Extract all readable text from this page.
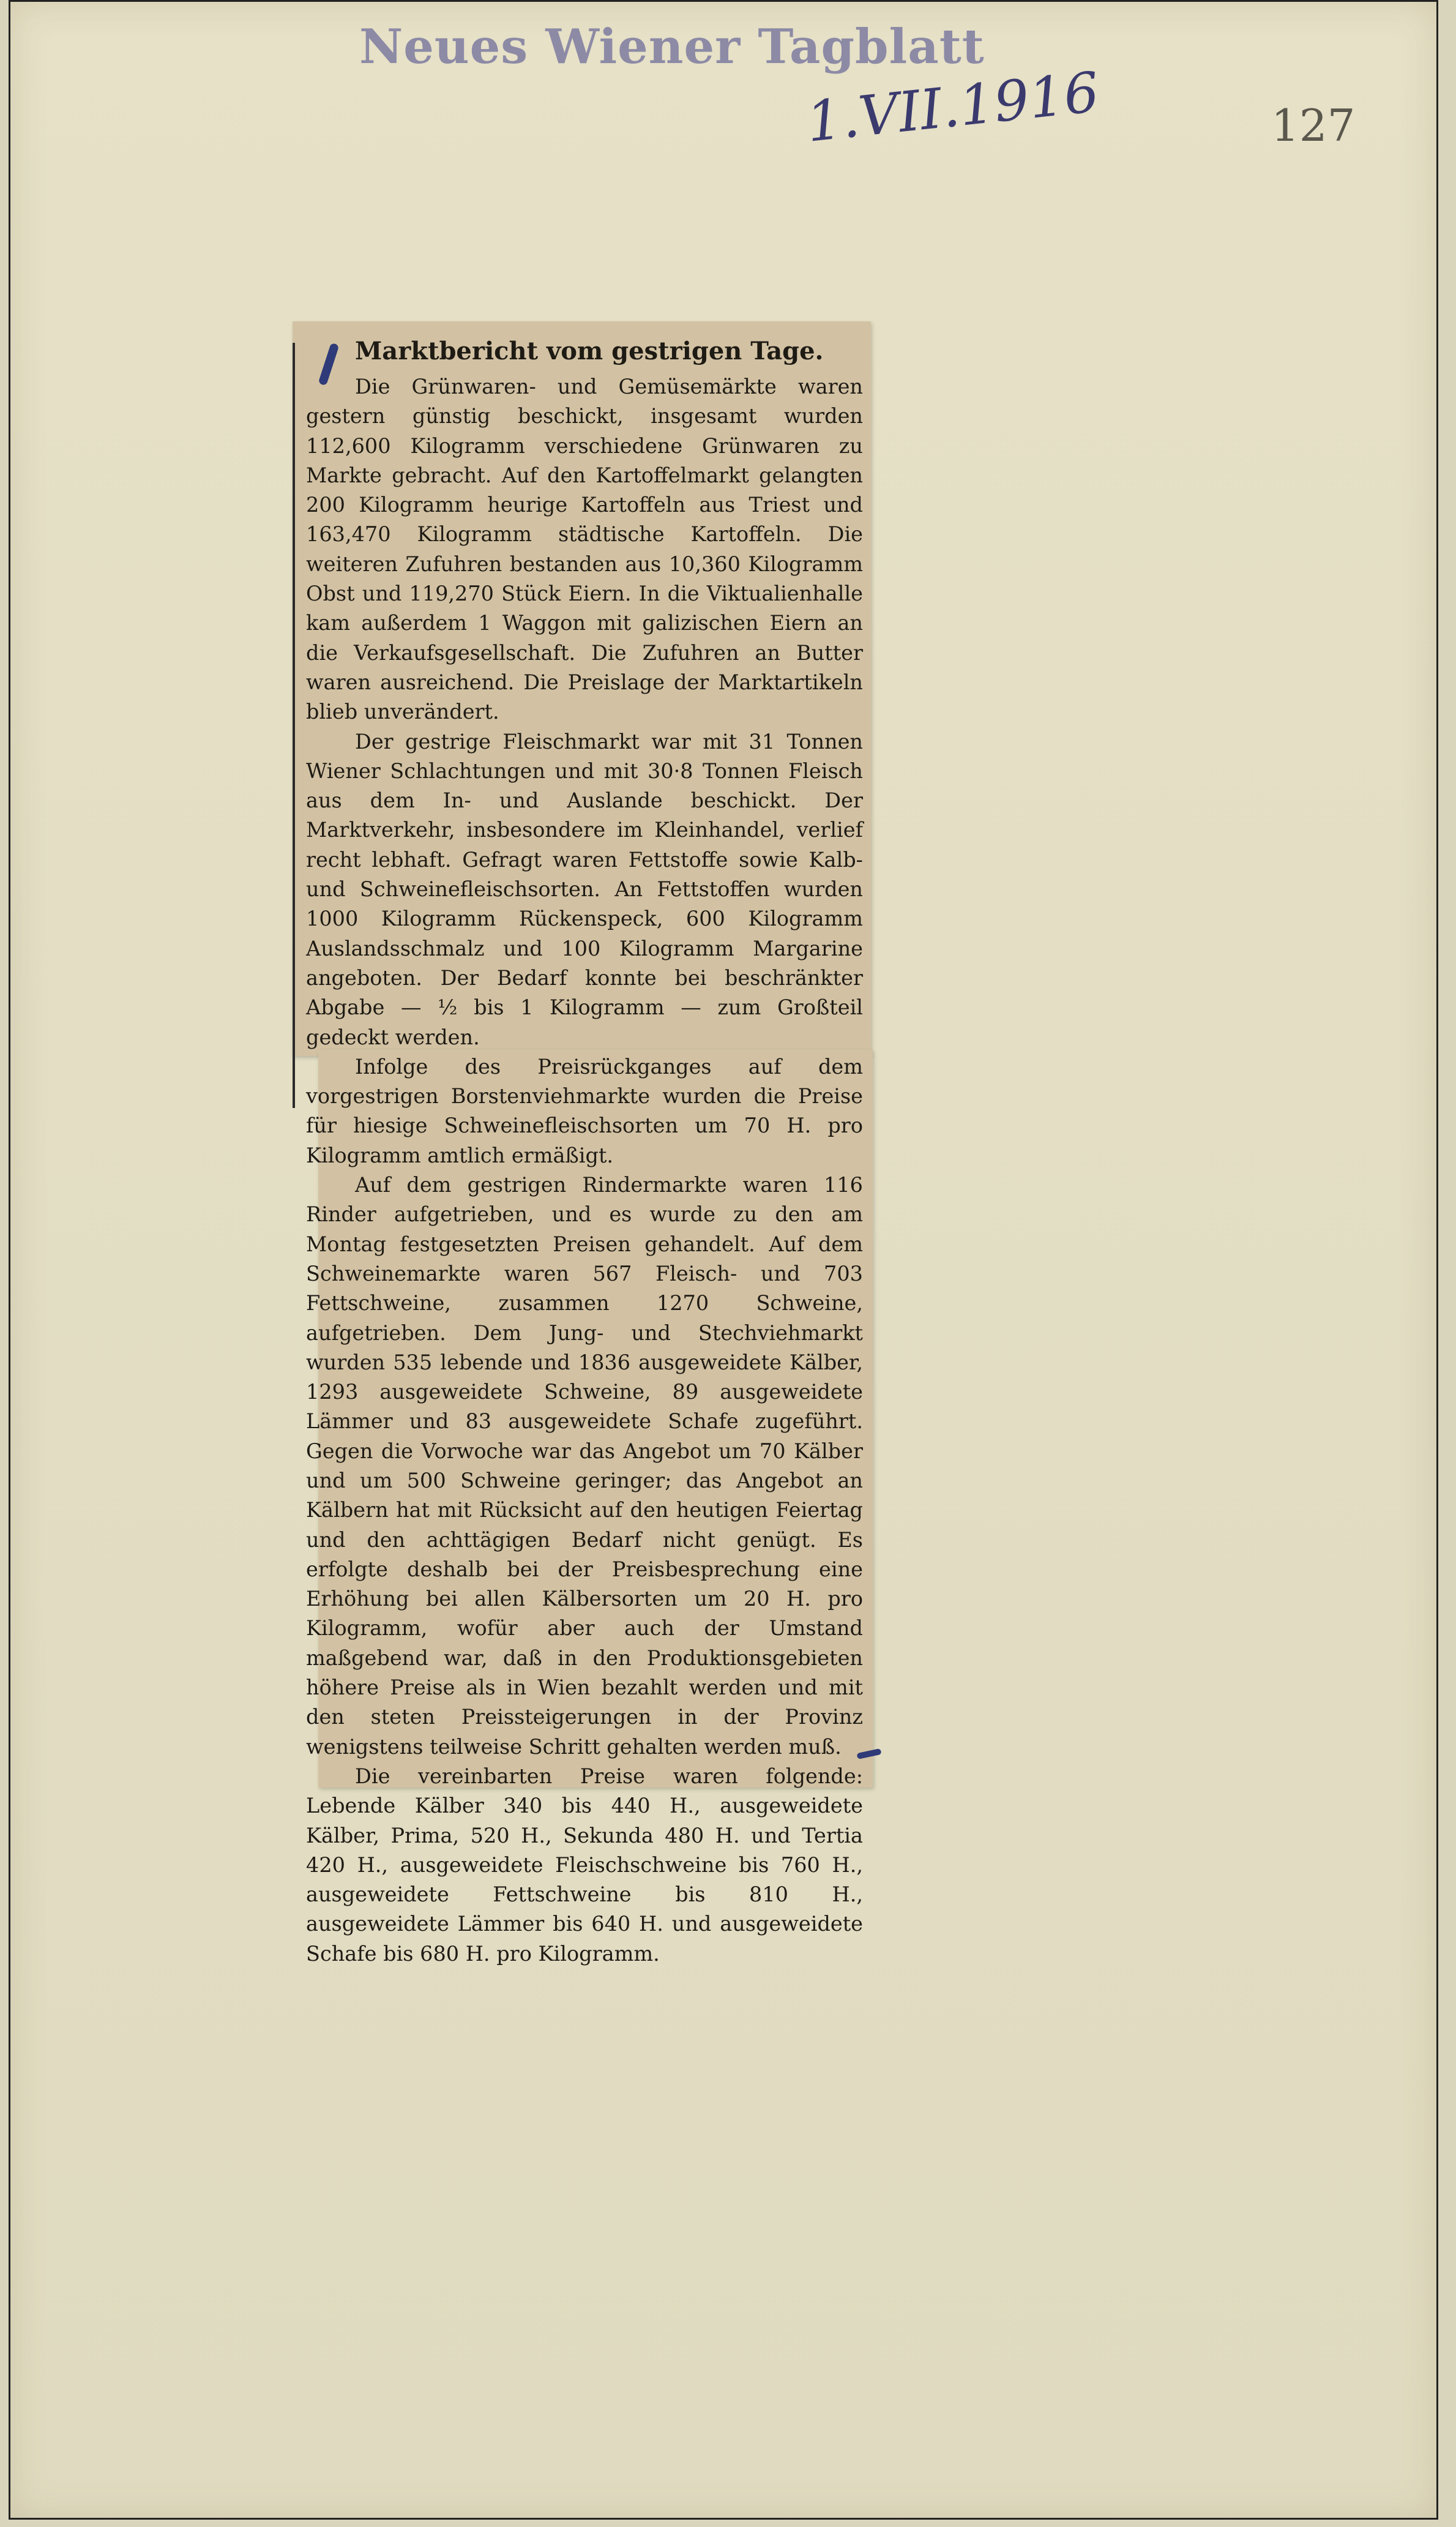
Neues Wiener Tagblatt
1.VII.1916	127
Marktbericht vom gestrigen Tage.

Die Grünwaren- und Gemüsemärkte waren gestern günstig beschickt, insgesamt wurden 112,600 Kilogramm verschiedene Grünwaren zu Markte gebracht. Auf den Kartoffelmarkt gelangten 200 Kilogramm heurige Kartoffeln aus Triest und 163,470 Kilogramm städtische Kartoffeln. Die weiteren Zufuhren bestanden aus 10,360 Kilogramm Obst und 119,270 Stück Eiern. In die Viktualienhalle kam außerdem 1 Waggon mit galizischen Eiern an die Verkaufsgesellschaft. Die Zufuhren an Butter waren ausreichend. Die Preislage der Marktartikeln blieb unverändert.

Der gestrige Fleischmarkt war mit 31 Tonnen Wiener Schlachtungen und mit 30·8 Tonnen Fleisch aus dem In- und Auslande beschickt. Der Marktverkehr, insbesondere im Kleinhandel, verlief recht lebhaft. Gefragt waren Fettstoffe sowie Kalb- und Schweinefleischsorten. An Fettstoffen wurden 1000 Kilogramm Rückenspeck, 600 Kilogramm Auslandsschmalz und 100 Kilogramm Margarine angeboten. Der Bedarf konnte bei beschränkter Abgabe — ½ bis 1 Kilogramm — zum Großteil gedeckt werden.

Infolge des Preisrückganges auf dem vorgestrigen Borstenviehmarkte wurden die Preise für hiesige Schweinefleischsorten um 70 H. pro Kilogramm amtlich ermäßigt.

Auf dem gestrigen Rindermarkte waren 116 Rinder aufgetrieben, und es wurde zu den am Montag festgesetzten Preisen gehandelt. Auf dem Schweinemarkte waren 567 Fleisch- und 703 Fettschweine, zusammen 1270 Schweine, aufgetrieben. Dem Jung- und Stechviehmarkt wurden 535 lebende und 1836 ausgeweidete Kälber, 1293 ausgeweidete Schweine, 89 ausgeweidete Lämmer und 83 ausgeweidete Schafe zugeführt. Gegen die Vorwoche war das Angebot um 70 Kälber und um 500 Schweine geringer; das Angebot an Kälbern hat mit Rücksicht auf den heutigen Feiertag und den achttägigen Bedarf nicht genügt. Es erfolgte deshalb bei der Preisbesprechung eine Erhöhung bei allen Kälbersorten um 20 H. pro Kilogramm, wofür aber auch der Umstand maßgebend war, daß in den Produktionsgebieten höhere Preise als in Wien bezahlt werden und mit den steten Preissteigerungen in der Provinz wenigstens teilweise Schritt gehalten werden muß.

Die vereinbarten Preise waren folgende: Lebende Kälber 340 bis 440 H., ausgeweidete Kälber, Prima, 520 H., Sekunda 480 H. und Tertia 420 H., ausgeweidete Fleischschweine bis 760 H., ausgeweidete Fettschweine bis 810 H., ausgeweidete Lämmer bis 640 H. und ausgeweidete Schafe bis 680 H. pro Kilogramm.
